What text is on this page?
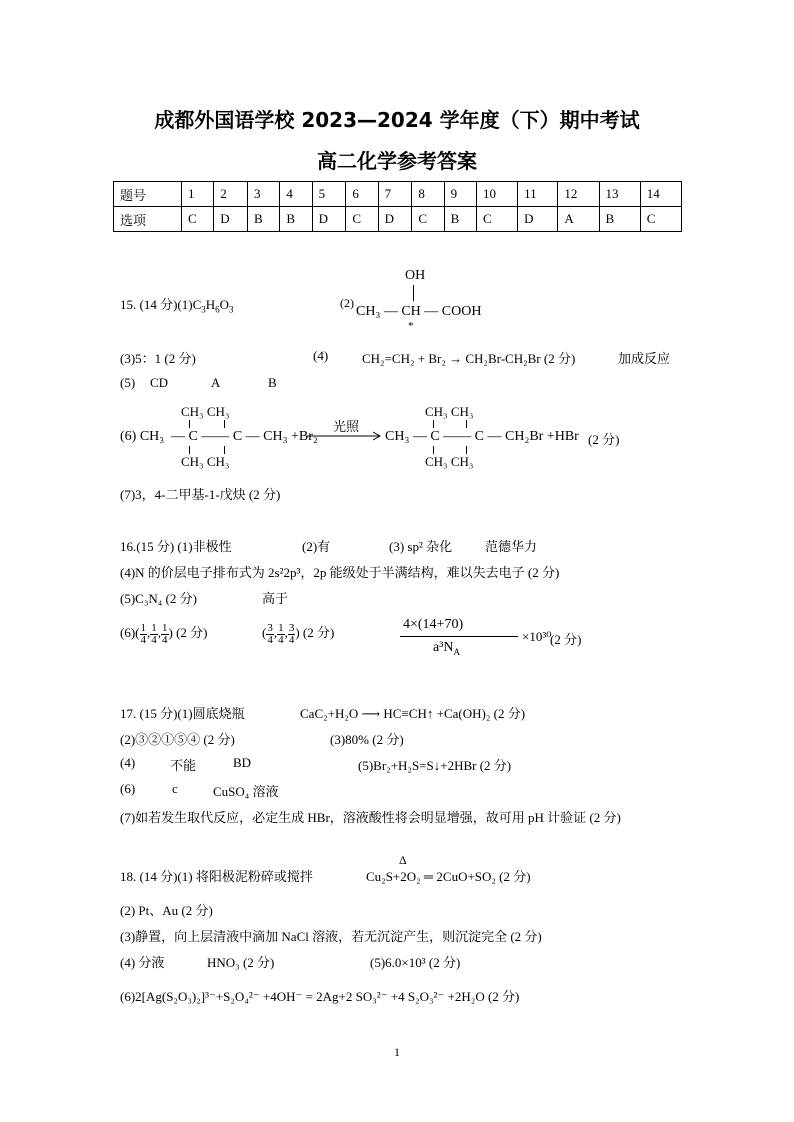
成都外国语学校 2023—2024 学年度（下）期中考试
高二化学参考答案
题号	1	2	3	4	5	6	7	8	9	10	11	12	13	14
选项	C	D	B	B	D	C	D	C	B	C	D	A	B	C
15. (14 分)$(1)C_3H_6O_3$	(2)
OH
CH₃ — CH — COOH
*
(3)5：1 (2 分)	(4)	CH₂=CH₂ + Br₂ → CH₂Br-CH₂Br (2 分)	加成反应
(5) CD	A	B
CH₃ CH₃
(6) CH₃ — C —— C — CH₃ +Br₂
CH₃ CH₃
光照
CH₃ CH₃
CH₃ — C —— C — CH₂Br +HBr
CH₃ CH₃
(2 分)
(7)3，4-二甲基-1-戊炔 (2 分)
16.(15 分) (1)非极性	(2)有	(3) sp² 杂化	范德华力
(4)N 的价层电子排布式为 2s²2p³，2p 能级处于半满结构，难以失去电子 (2 分)
(5)C₃N₄ (2 分)	高于
$(6)( \frac{1}{4}$ , $\frac{1}{4}$ , $\frac{1}{4}$ ) (2 分)	( $\frac{3}{4}$ , $\frac{1}{4}$ , $\frac{3}{4}$ ) (2 分)
4×(14+70)
$a^3N_A$
×10³⁰
(2 分)
17. (15 分)(1)圆底烧瓶	CaC₂+H₂O ⟶ HC≡CH↑ +Ca(OH)₂ (2 分)
(2)③②①⑤④ (2 分)	(3)80% (2 分)
(4)	不能	BD	(5)Br₂+H₂S=S↓+2HBr (2 分)
(6)	c	CuSO₄ 溶液
(7)如若发生取代反应，必定生成 HBr，溶液酸性将会明显增强，故可用 pH 计验证 (2 分)
18. (14 分)(1) 将阳极泥粉碎或搅拌
Δ
Cu₂S+2O₂ ═ 2CuO+SO₂ (2 分)
(2) Pt、Au (2 分)
(3)静置，向上层清液中滴加 NaCl 溶液，若无沉淀产生，则沉淀完全 (2 分)
(4) 分液	HNO₃ (2 分)	(5)6.0×10³ (2 分)
(6)2[Ag(S₂O₃)₂]³⁻+S₂O₄²⁻ +4OH⁻ = 2Ag+2 SO₃²⁻ +4 S₂O₃²⁻ +2H₂O (2 分)
1
